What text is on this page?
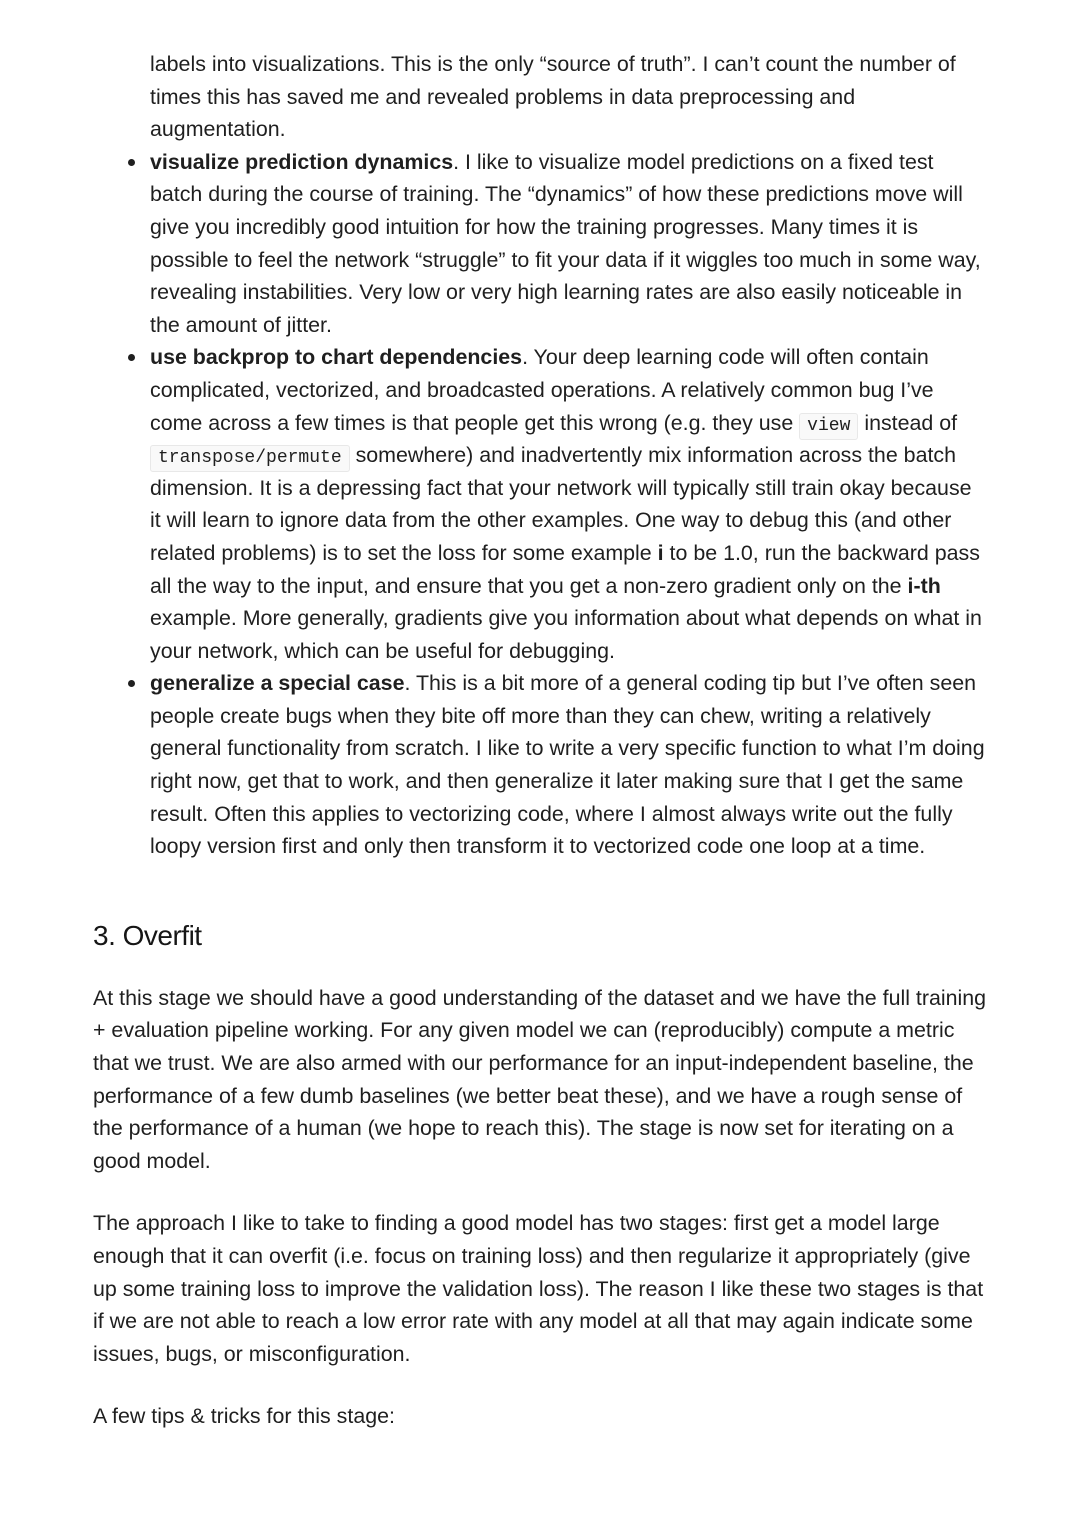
labels into visualizations. This is the only “source of truth”. I can’t count the number of times this has saved me and revealed problems in data preprocessing and augmentation.
visualize prediction dynamics. I like to visualize model predictions on a fixed test batch during the course of training. The “dynamics” of how these predictions move will give you incredibly good intuition for how the training progresses. Many times it is possible to feel the network “struggle” to fit your data if it wiggles too much in some way, revealing instabilities. Very low or very high learning rates are also easily noticeable in the amount of jitter.
use backprop to chart dependencies. Your deep learning code will often contain complicated, vectorized, and broadcasted operations. A relatively common bug I’ve come across a few times is that people get this wrong (e.g. they use view instead of transpose/permute somewhere) and inadvertently mix information across the batch dimension. It is a depressing fact that your network will typically still train okay because it will learn to ignore data from the other examples. One way to debug this (and other related problems) is to set the loss for some example i to be 1.0, run the backward pass all the way to the input, and ensure that you get a non-zero gradient only on the i-th example. More generally, gradients give you information about what depends on what in your network, which can be useful for debugging.
generalize a special case. This is a bit more of a general coding tip but I’ve often seen people create bugs when they bite off more than they can chew, writing a relatively general functionality from scratch. I like to write a very specific function to what I’m doing right now, get that to work, and then generalize it later making sure that I get the same result. Often this applies to vectorizing code, where I almost always write out the fully loopy version first and only then transform it to vectorized code one loop at a time.
3. Overfit

At this stage we should have a good understanding of the dataset and we have the full training + evaluation pipeline working. For any given model we can (reproducibly) compute a metric that we trust. We are also armed with our performance for an input-independent baseline, the performance of a few dumb baselines (we better beat these), and we have a rough sense of the performance of a human (we hope to reach this). The stage is now set for iterating on a good model.

The approach I like to take to finding a good model has two stages: first get a model large enough that it can overfit (i.e. focus on training loss) and then regularize it appropriately (give up some training loss to improve the validation loss). The reason I like these two stages is that if we are not able to reach a low error rate with any model at all that may again indicate some issues, bugs, or misconfiguration.

A few tips & tricks for this stage:
